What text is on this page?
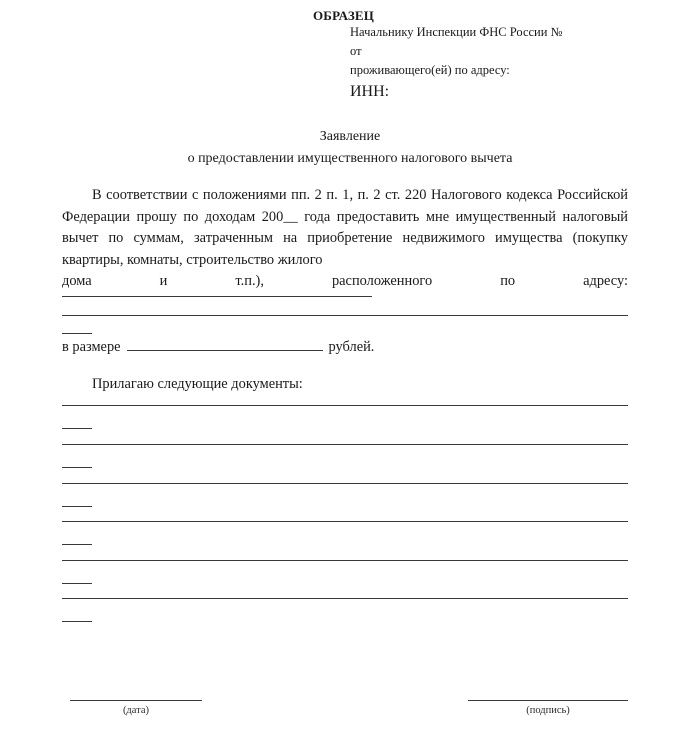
ОБРАЗЕЦ
Начальнику Инспекции ФНС России №
от
проживающего(ей) по адресу:
ИНН:
Заявление
о предоставлении имущественного налогового вычета

В соответствии с положениями пп. 2 п. 1, п. 2 ст. 220 Налогового кодекса Российской Федерации прошу по доходам 200__ года предоставить мне имущественный налоговый вычет по суммам, затраченным на приобретение недвижимого имущества (покупку квартиры, комнаты, строительство жилого
дома и т.п.), расположенного по адресу:

в размере	рублей.
Прилагаю следующие документы:
(дата)	(подпись)
